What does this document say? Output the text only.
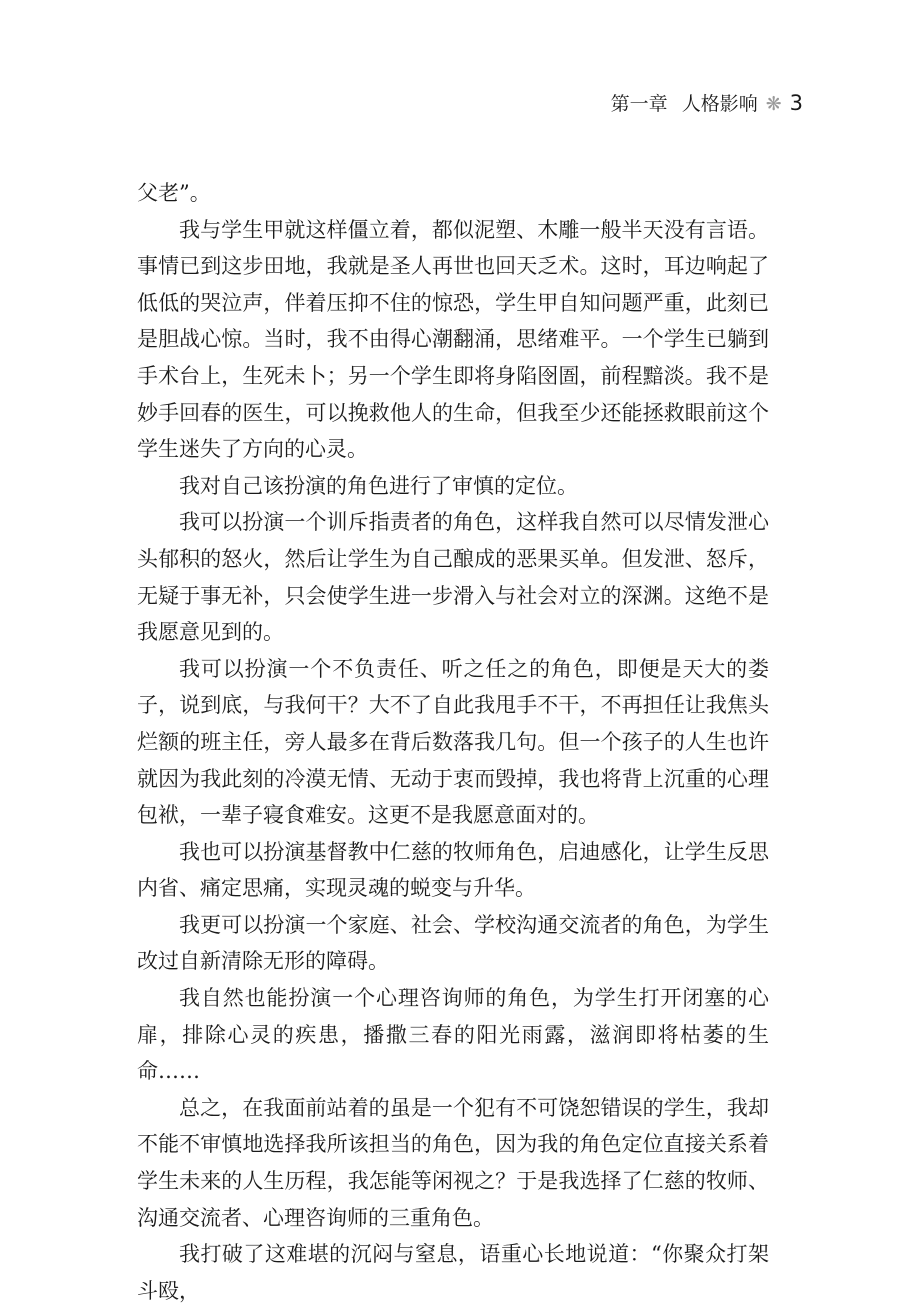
第一章 人格影响 ❋ 3

父老”。

我与学生甲就这样僵立着，都似泥塑、木雕一般半天没有言语。事情已到这步田地，我就是圣人再世也回天乏术。这时，耳边响起了低低的哭泣声，伴着压抑不住的惊恐，学生甲自知问题严重，此刻已是胆战心惊。当时，我不由得心潮翻涌，思绪难平。一个学生已躺到手术台上，生死未卜；另一个学生即将身陷囹圄，前程黯淡。我不是妙手回春的医生，可以挽救他人的生命，但我至少还能拯救眼前这个学生迷失了方向的心灵。

我对自己该扮演的角色进行了审慎的定位。

我可以扮演一个训斥指责者的角色，这样我自然可以尽情发泄心头郁积的怒火，然后让学生为自己酿成的恶果买单。但发泄、怒斥，无疑于事无补，只会使学生进一步滑入与社会对立的深渊。这绝不是我愿意见到的。

我可以扮演一个不负责任、听之任之的角色，即便是天大的娄子，说到底，与我何干？大不了自此我甩手不干，不再担任让我焦头烂额的班主任，旁人最多在背后数落我几句。但一个孩子的人生也许就因为我此刻的冷漠无情、无动于衷而毁掉，我也将背上沉重的心理包袱，一辈子寝食难安。这更不是我愿意面对的。

我也可以扮演基督教中仁慈的牧师角色，启迪感化，让学生反思内省、痛定思痛，实现灵魂的蜕变与升华。

我更可以扮演一个家庭、社会、学校沟通交流者的角色，为学生改过自新清除无形的障碍。

我自然也能扮演一个心理咨询师的角色，为学生打开闭塞的心扉，排除心灵的疾患，播撒三春的阳光雨露，滋润即将枯萎的生命……

总之，在我面前站着的虽是一个犯有不可饶恕错误的学生，我却不能不审慎地选择我所该担当的角色，因为我的角色定位直接关系着学生未来的人生历程，我怎能等闲视之？于是我选择了仁慈的牧师、沟通交流者、心理咨询师的三重角色。

我打破了这难堪的沉闷与窒息，语重心长地说道：“你聚众打架斗殴，
